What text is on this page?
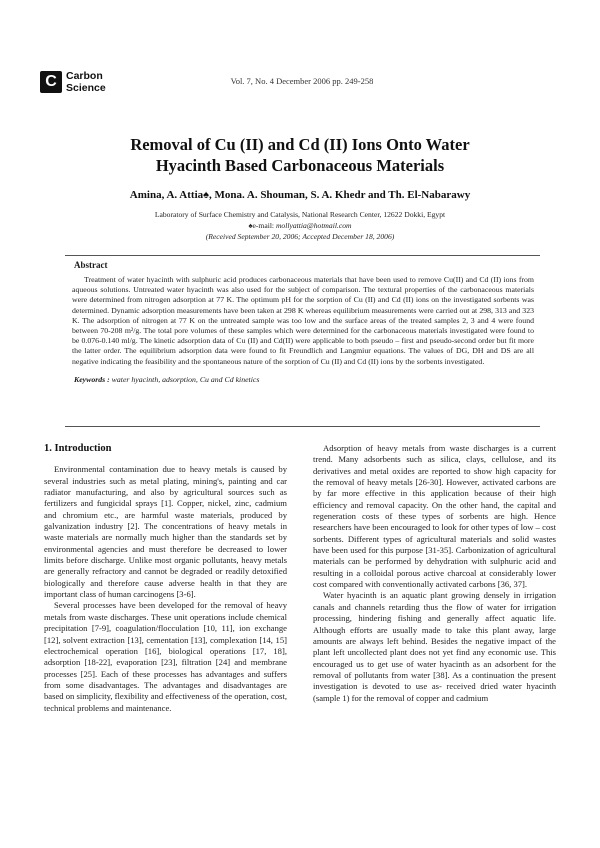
C Carbon
Science
Vol. 7, No. 4 December 2006 pp. 249-258
Removal of Cu (II) and Cd (II) Ions Onto Water
Hyacinth Based Carbonaceous Materials
Amina, A. Attia♠, Mona. A. Shouman, S. A. Khedr and Th. El-Nabarawy
Laboratory of Surface Chemistry and Catalysis, National Research Center, 12622 Dokki, Egypt
♠e-mail: mollyattia@hotmail.com
(Received September 20, 2006; Accepted December 18, 2006)
Abstract

Treatment of water hyacinth with sulphuric acid produces carbonaceous materials that have been used to remove Cu(II) and Cd (II) ions from aqueous solutions. Untreated water hyacinth was also used for the subject of comparison. The textural properties of the carbonaceous materials were determined from nitrogen adsorption at 77 K. The optimum pH for the sorption of Cu (II) and Cd (II) ions on the investigated sorbents was determined. Dynamic adsorption measurements have been taken at 298 K whereas equilibrium measurements were carried out at 298, 313 and 323 K. The adsorption of nitrogen at 77 K on the untreated sample was too low and the surface areas of the treated samples 2, 3 and 4 were found between 70-208 m²/g. The total pore volumes of these samples which were determined for the carbonaceous materials investigated were found to be 0.076-0.140 ml/g. The kinetic adsorption data of Cu (II) and Cd(II) were applicable to both pseudo – first and pseudo-second order but fit more the latter order. The equilibrium adsorption data were found to fit Freundlich and Langmiur equations. The values of DG, DH and DS are all negative indicating the feasibility and the spontaneous nature of the sorption of Cu (II) and Cd (II) ions by the sorbents investigated.

Keywords : water hyacinth, adsorption, Cu and Cd kinetics
1. Introduction

Environmental contamination due to heavy metals is caused by several industries such as metal plating, mining's, painting and car radiator manufacturing, and also by agricultural sources such as fertilizers and fungicidal sprays [1]. Copper, nickel, zinc, cadmium and chromium etc., are harmful waste materials, produced by galvanization industry [2]. The concentrations of heavy metals in waste materials are normally much higher than the standards set by environmental agencies and must therefore be decreased to lower limits before discharge. Unlike most organic pollutants, heavy metals are generally refractory and cannot be degraded or readily detoxified biologically and therefore cause adverse health in that they are important class of human carcinogens [3-6].

Several processes have been developed for the removal of heavy metals from waste discharges. These unit operations include chemical precipitation [7-9], coagulation/flocculation [10, 11], ion exchange [12], solvent extraction [13], cementation [13], complexation [14, 15] electrochemical operation [16], biological operations [17, 18], adsorption [18-22], evaporation [23], filtration [24] and membrane processes [25]. Each of these processes has advantages and suffers from some disadvantages. The advantages and disadvantages are based on simplicity, flexibility and effectiveness of the operation, cost, technical problems and maintenance.

Adsorption of heavy metals from waste discharges is a current trend. Many adsorbents such as silica, clays, cellulose, and its derivatives and metal oxides are reported to show high capacity for the removal of heavy metals [26-30]. However, activated carbons are by far more effective in this application because of their high efficiency and removal capacity. On the other hand, the capital and regeneration costs of these types of sorbents are high. Hence researchers have been encouraged to look for other types of low – cost sorbents. Different types of agricultural materials and solid wastes have been used for this purpose [31-35]. Carbonization of agricultural materials can be performed by dehydration with sulphuric acid and resulting in a colloidal porous active charcoal at considerably lower cost compared with conventionally activated carbons [36, 37].

Water hyacinth is an aquatic plant growing densely in irrigation canals and channels retarding thus the flow of water for irrigation processing, hindering fishing and generally affect aquatic life. Although efforts are usually made to take this plant away, large amounts are always left behind. Besides the negative impact of the plant left uncollected plant does not yet find any economic use. This encouraged us to get use of water hyacinth as an adsorbent for the removal of pollutants from water [38]. As a continuation the present investigation is devoted to use as- received dried water hyacinth (sample 1) for the removal of copper and cadmium
